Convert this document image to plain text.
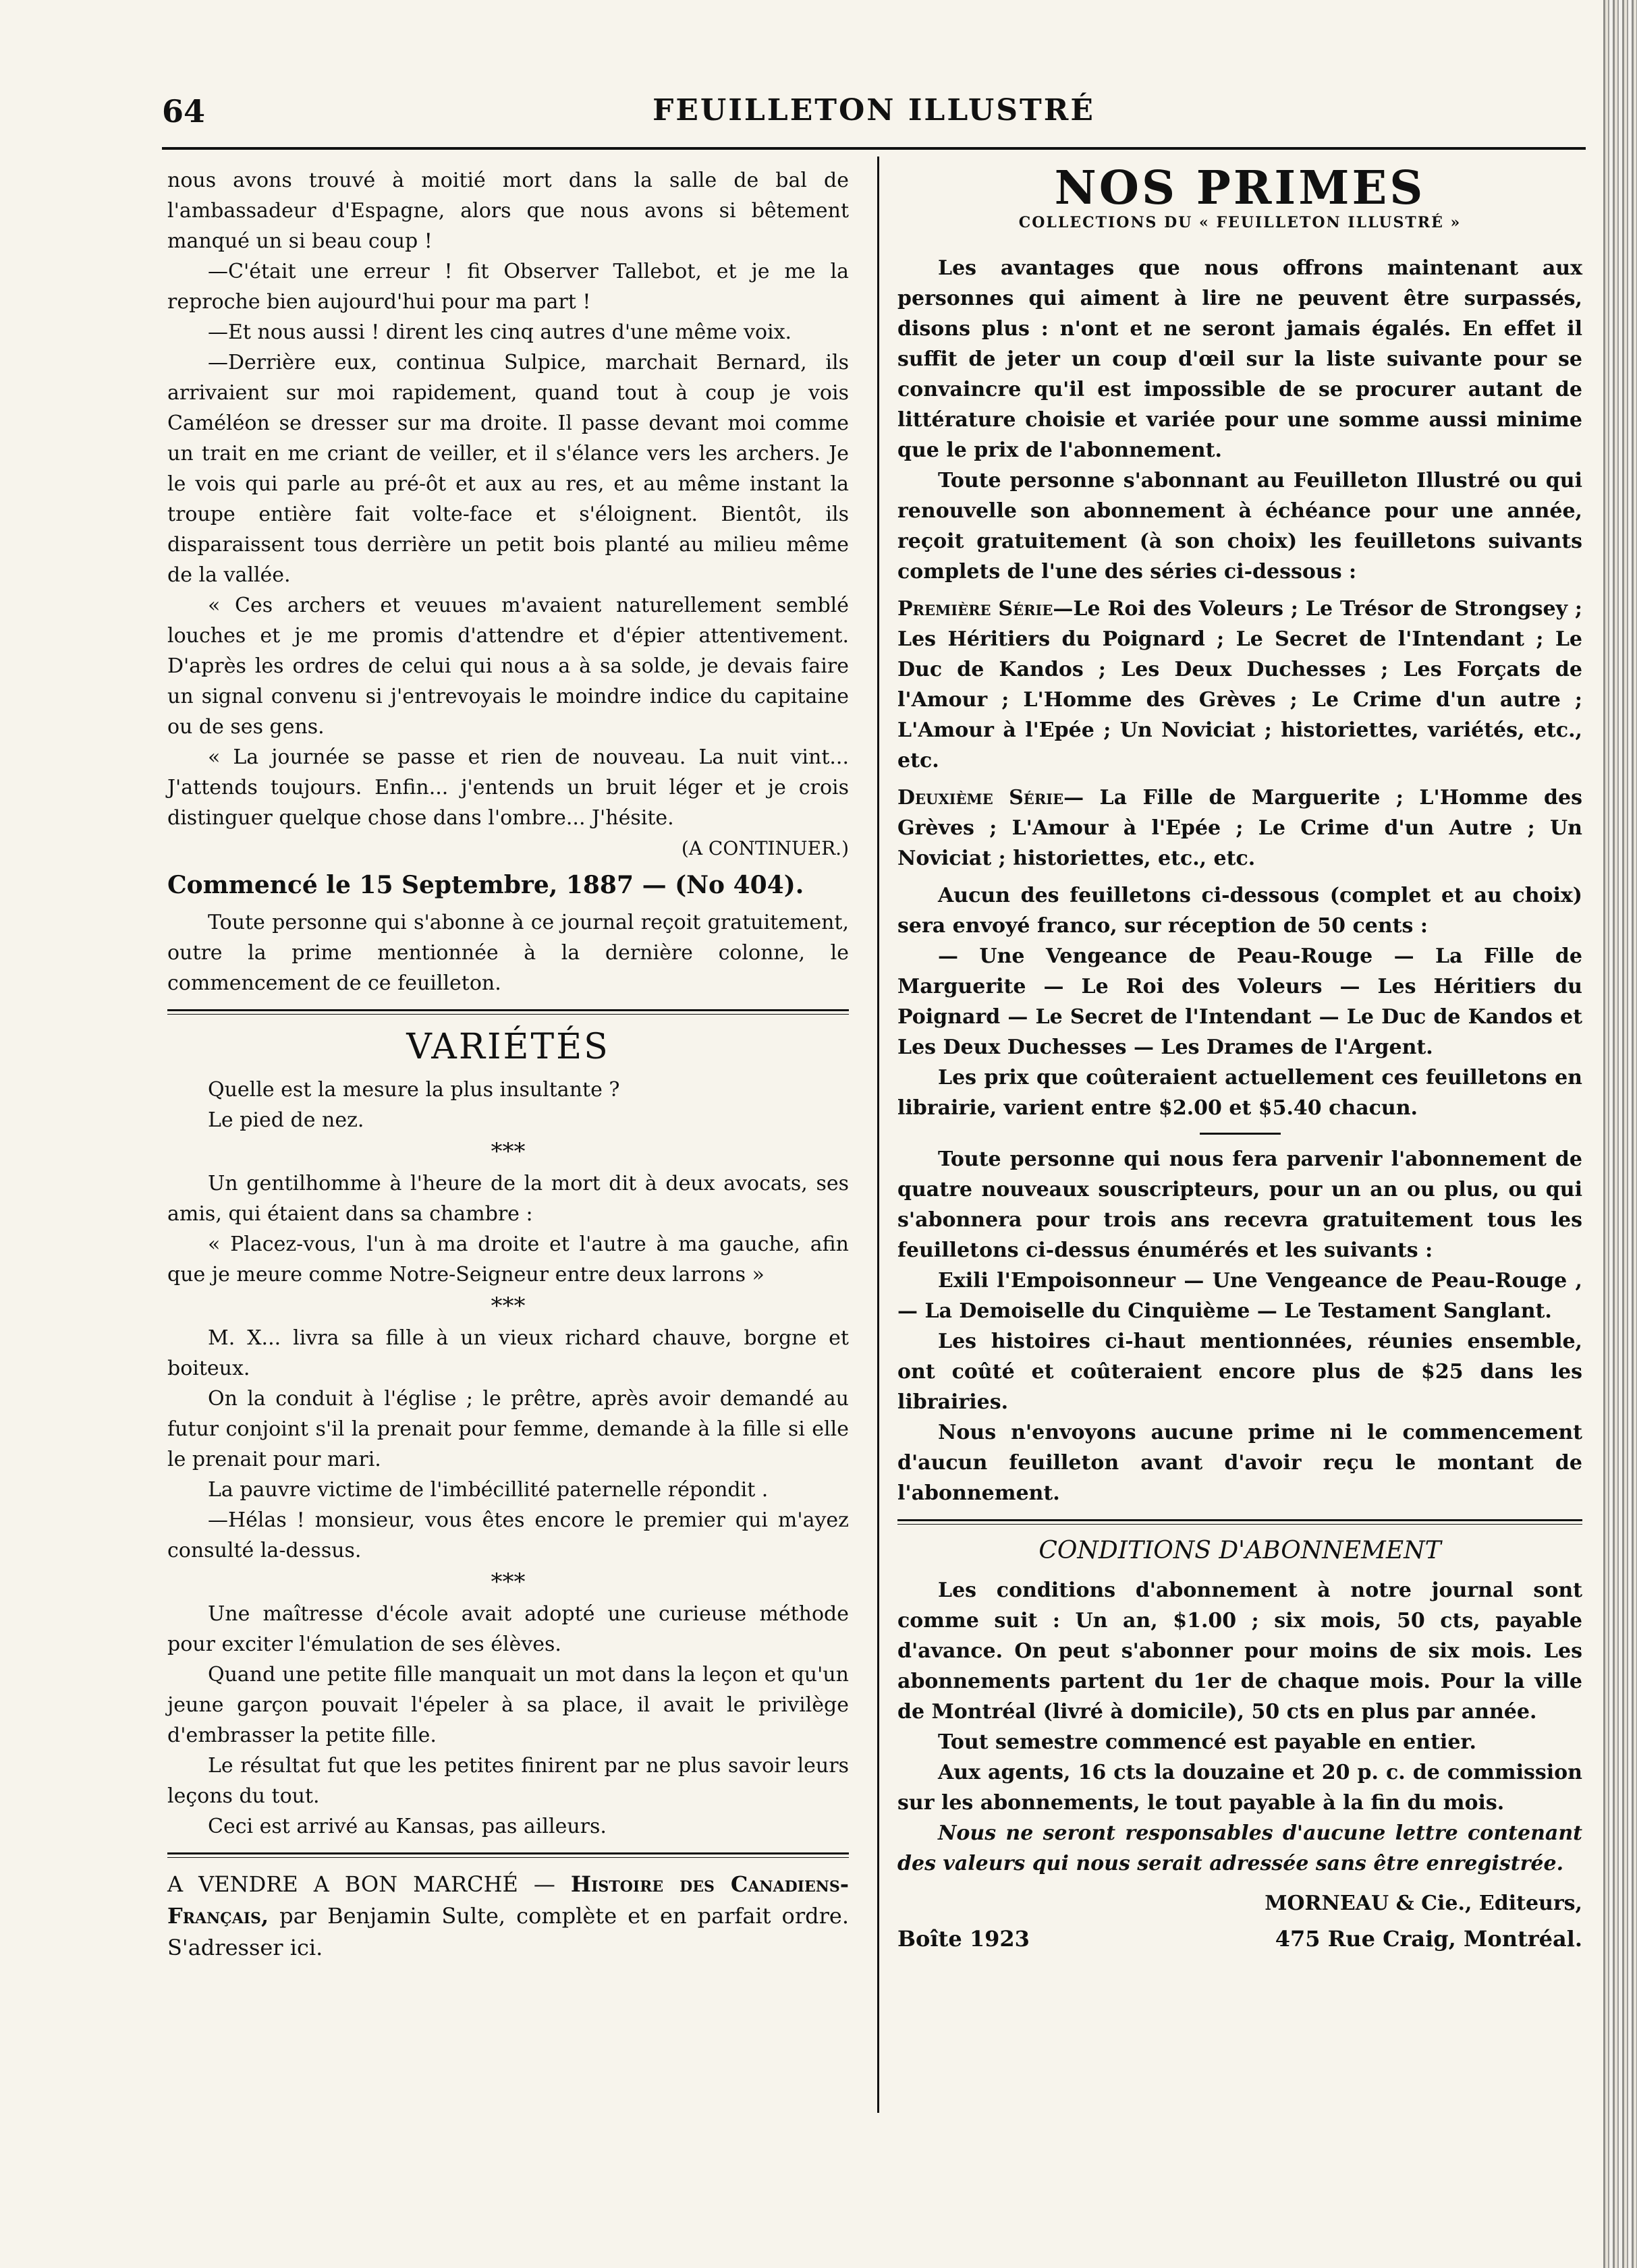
64	FEUILLETON ILLUSTRÉ

nous avons trouvé à moitié mort dans la salle de bal de l'ambassadeur d'Espagne, alors que nous avons si bêtement manqué un si beau coup !

—C'était une erreur ! fit Observer Tallebot, et je me la reproche bien aujourd'hui pour ma part !

—Et nous aussi ! dirent les cinq autres d'une même voix.

—Derrière eux, continua Sulpice, marchait Bernard, ils arrivaient sur moi rapidement, quand tout à coup je vois Caméléon se dresser sur ma droite. Il passe devant moi comme un trait en me criant de veiller, et il s'élance vers les archers. Je le vois qui parle au pré-ôt et aux au res, et au même instant la troupe entière fait volte-face et s'éloignent. Bientôt, ils disparaissent tous derrière un petit bois planté au milieu même de la vallée.

« Ces archers et veuues m'avaient naturellement semblé louches et je me promis d'attendre et d'épier attentivement. D'après les ordres de celui qui nous a à sa solde, je devais faire un signal convenu si j'entrevoyais le moindre indice du capitaine ou de ses gens.

« La journée se passe et rien de nouveau. La nuit vint... J'attends toujours. Enfin... j'entends un bruit léger et je crois distinguer quelque chose dans l'ombre... J'hésite.

(A CONTINUER.)
Commencé le 15 Septembre, 1887 — (No 404).

Toute personne qui s'abonne à ce journal reçoit gratuitement, outre la prime mentionnée à la dernière colonne, le commencement de ce feuilleton.

VARIÉTÉS

Quelle est la mesure la plus insultante ?

Le pied de nez.

***

Un gentilhomme à l'heure de la mort dit à deux avocats, ses amis, qui étaient dans sa chambre :

« Placez-vous, l'un à ma droite et l'autre à ma gauche, afin que je meure comme Notre-Seigneur entre deux larrons »

***

M. X... livra sa fille à un vieux richard chauve, borgne et boiteux.

On la conduit à l'église ; le prêtre, après avoir demandé au futur conjoint s'il la prenait pour femme, demande à la fille si elle le prenait pour mari.

La pauvre victime de l'imbécillité paternelle répondit .

—Hélas ! monsieur, vous êtes encore le premier qui m'ayez consulté la-dessus.

***

Une maîtresse d'école avait adopté une curieuse méthode pour exciter l'émulation de ses élèves.

Quand une petite fille manquait un mot dans la leçon et qu'un jeune garçon pouvait l'épeler à sa place, il avait le privilège d'embrasser la petite fille.

Le résultat fut que les petites finirent par ne plus savoir leurs leçons du tout.

Ceci est arrivé au Kansas, pas ailleurs.

A VENDRE A BON MARCHÉ — Histoire des Canadiens-Français, par Benjamin Sulte, complète et en parfait ordre. S'adresser ici.
NOS PRIMES
COLLECTIONS DU « FEUILLETON ILLUSTRÉ »

Les avantages que nous offrons maintenant aux personnes qui aiment à lire ne peuvent être surpassés, disons plus : n'ont et ne seront jamais égalés. En effet il suffit de jeter un coup d'œil sur la liste suivante pour se convaincre qu'il est impossible de se procurer autant de littérature choisie et variée pour une somme aussi minime que le prix de l'abonnement.

Toute personne s'abonnant au Feuilleton Illustré ou qui renouvelle son abonnement à échéance pour une année, reçoit gratuitement (à son choix) les feuilletons suivants complets de l'une des séries ci-dessous :

Première Série—Le Roi des Voleurs ; Le Trésor de Strongsey ; Les Héritiers du Poignard ; Le Secret de l'Intendant ; Le Duc de Kandos ; Les Deux Duchesses ; Les Forçats de l'Amour ; L'Homme des Grèves ; Le Crime d'un autre ; L'Amour à l'Epée ; Un Noviciat ; historiettes, variétés, etc., etc.
Deuxième Série— La Fille de Marguerite ; L'Homme des Grèves ; L'Amour à l'Epée ; Le Crime d'un Autre ; Un Noviciat ; historiettes, etc., etc.

Aucun des feuilletons ci-dessous (complet et au choix) sera envoyé franco, sur réception de 50 cents :

— Une Vengeance de Peau-Rouge — La Fille de Marguerite — Le Roi des Voleurs — Les Héritiers du Poignard — Le Secret de l'Intendant — Le Duc de Kandos et Les Deux Duchesses — Les Drames de l'Argent.

Les prix que coûteraient actuellement ces feuilletons en librairie, varient entre $2.00 et $5.40 chacun.

Toute personne qui nous fera parvenir l'abonnement de quatre nouveaux souscripteurs, pour un an ou plus, ou qui s'abonnera pour trois ans recevra gratuitement tous les feuilletons ci-dessus énumérés et les suivants :

Exili l'Empoisonneur — Une Vengeance de Peau-Rouge , — La Demoiselle du Cinquième — Le Testament Sanglant.

Les histoires ci-haut mentionnées, réunies ensemble, ont coûté et coûteraient encore plus de $25 dans les librairies.

Nous n'envoyons aucune prime ni le commencement d'aucun feuilleton avant d'avoir reçu le montant de l'abonnement.

CONDITIONS D'ABONNEMENT

Les conditions d'abonnement à notre journal sont comme suit : Un an, $1.00 ; six mois, 50 cts, payable d'avance. On peut s'abonner pour moins de six mois. Les abonnements partent du 1er de chaque mois. Pour la ville de Montréal (livré à domicile), 50 cts en plus par année.

Tout semestre commencé est payable en entier.

Aux agents, 16 cts la douzaine et 20 p. c. de commission sur les abonnements, le tout payable à la fin du mois.

Nous ne seront responsables d'aucune lettre contenant des valeurs qui nous serait adressée sans être enregistrée.

MORNEAU & Cie., Editeurs,
Boîte 1923	475 Rue Craig, Montréal.
